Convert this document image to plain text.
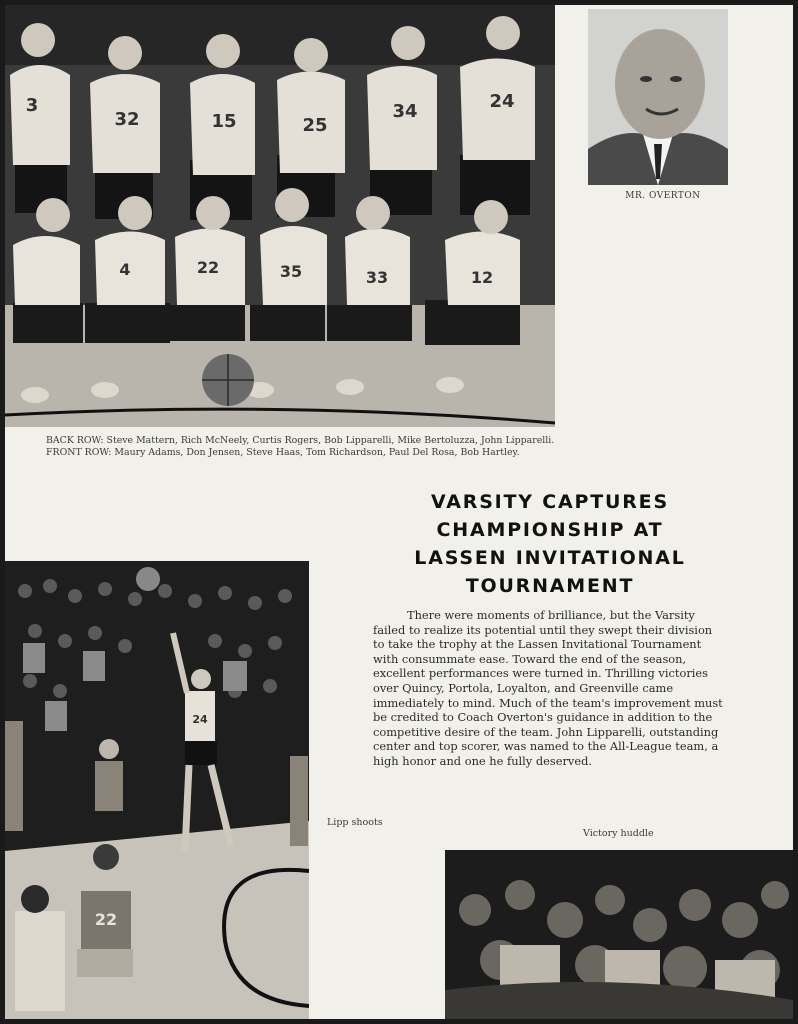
3
32	15	25
34	24
4	22	35	33	12
BACK ROW: Steve Mattern, Rich McNeely, Curtis Rogers, Bob Lipparelli, Mike Bertoluzza, John Lipparelli. FRONT ROW: Maury Adams, Don Jensen, Steve Haas, Tom Richardson, Paul Del Rosa, Bob Hartley.
MR. OVERTON
VARSITY CAPTURES
CHAMPIONSHIP AT
LASSEN INVITATIONAL
TOURNAMENT
There were moments of brilliance, but the Varsity failed to realize its potential until they swept their division to take the trophy at the Lassen Invitational Tournament with consummate ease. Toward the end of the season, excellent performances were turned in. Thrilling victories over Quincy, Portola, Loyalton, and Greenville came immediately to mind. Much of the team's improvement must be credited to Coach Overton's guidance in addition to the competitive desire of the team. John Lipparelli, outstanding center and top scorer, was named to the All-League team, a high honor and one he fully deserved.
24
22
Lipp shoots
Victory huddle
